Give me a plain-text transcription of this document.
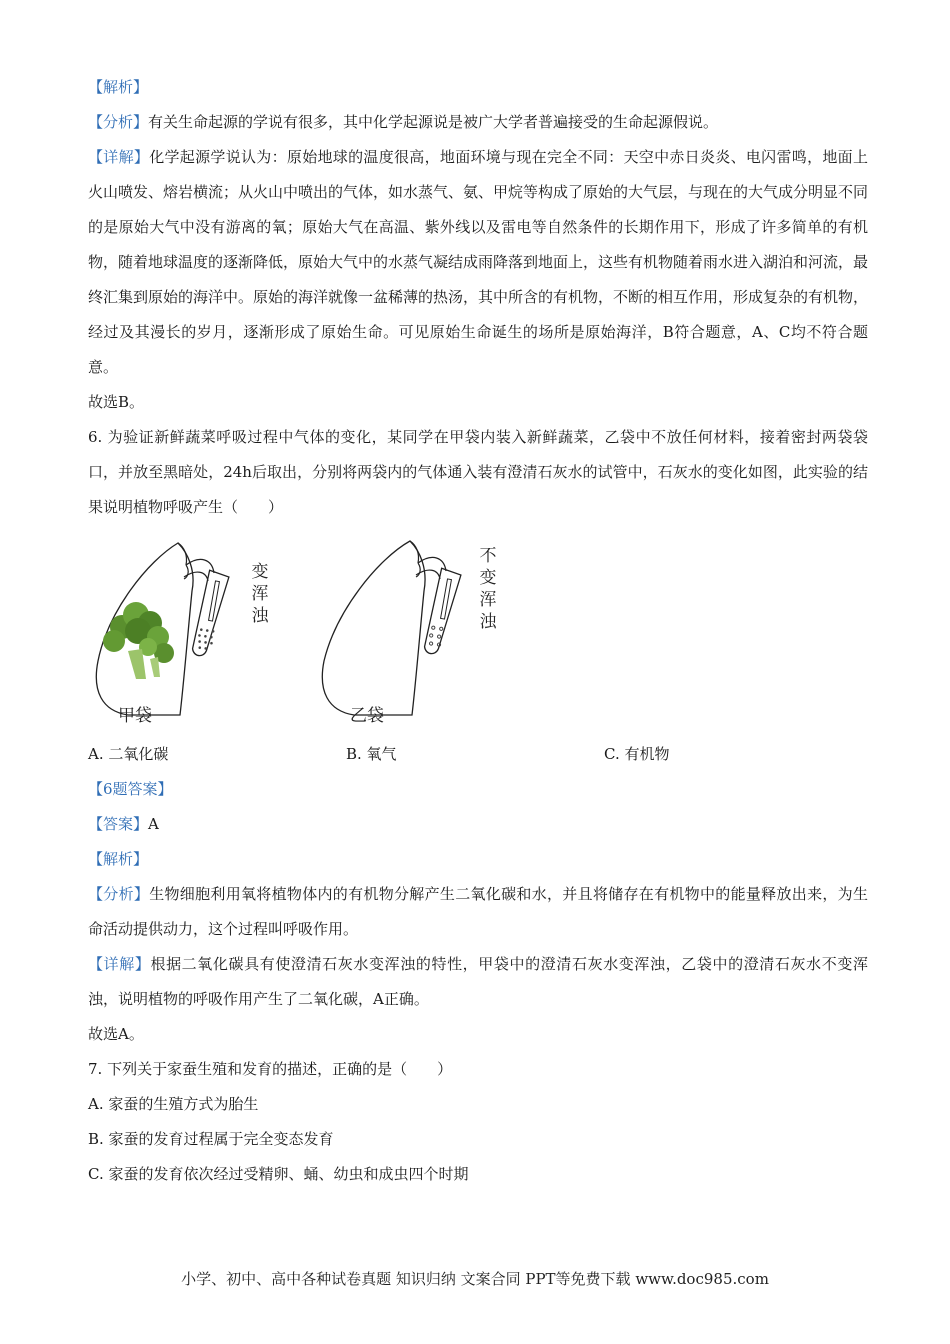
【解析】

【分析】有关生命起源的学说有很多，其中化学起源说是被广大学者普遍接受的生命起源假说。

【详解】化学起源学说认为：原始地球的温度很高，地面环境与现在完全不同：天空中赤日炎炎、电闪雷鸣，地面上火山喷发、熔岩横流；从火山中喷出的气体，如水蒸气、氨、甲烷等构成了原始的大气层，与现在的大气成分明显不同的是原始大气中没有游离的氧；原始大气在高温、紫外线以及雷电等自然条件的长期作用下，形成了许多简单的有机物，随着地球温度的逐渐降低，原始大气中的水蒸气凝结成雨降落到地面上，这些有机物随着雨水进入湖泊和河流，最终汇集到原始的海洋中。原始的海洋就像一盆稀薄的热汤，其中所含的有机物，不断的相互作用，形成复杂的有机物，经过及其漫长的岁月，逐渐形成了原始生命。可见原始生命诞生的场所是原始海洋，B符合题意，A、C均不符合题意。

故选B。

6. 为验证新鲜蔬菜呼吸过程中气体的变化，某同学在甲袋内装入新鲜蔬菜，乙袋中不放任何材料，接着密封两袋袋口，并放至黑暗处，24h后取出，分别将两袋内的气体通入装有澄清石灰水的试管中，石灰水的变化如图，此实验的结果说明植物呼吸产生（　　）

变浑浊
甲袋
不变浑浊
乙袋
A. 二氧化碳	B. 氧气	C. 有机物

【6题答案】

【答案】A

【解析】

【分析】生物细胞利用氧将植物体内的有机物分解产生二氧化碳和水，并且将储存在有机物中的能量释放出来，为生命活动提供动力，这个过程叫呼吸作用。

【详解】根据二氧化碳具有使澄清石灰水变浑浊的特性，甲袋中的澄清石灰水变浑浊，乙袋中的澄清石灰水不变浑浊，说明植物的呼吸作用产生了二氧化碳，A正确。

故选A。

7. 下列关于家蚕生殖和发育的描述，正确的是（　　）

A. 家蚕的生殖方式为胎生

B. 家蚕的发育过程属于完全变态发育

C. 家蚕的发育依次经过受精卵、蛹、幼虫和成虫四个时期

小学、初中、高中各种试卷真题 知识归纳 文案合同 PPT等免费下载 www.doc985.com
